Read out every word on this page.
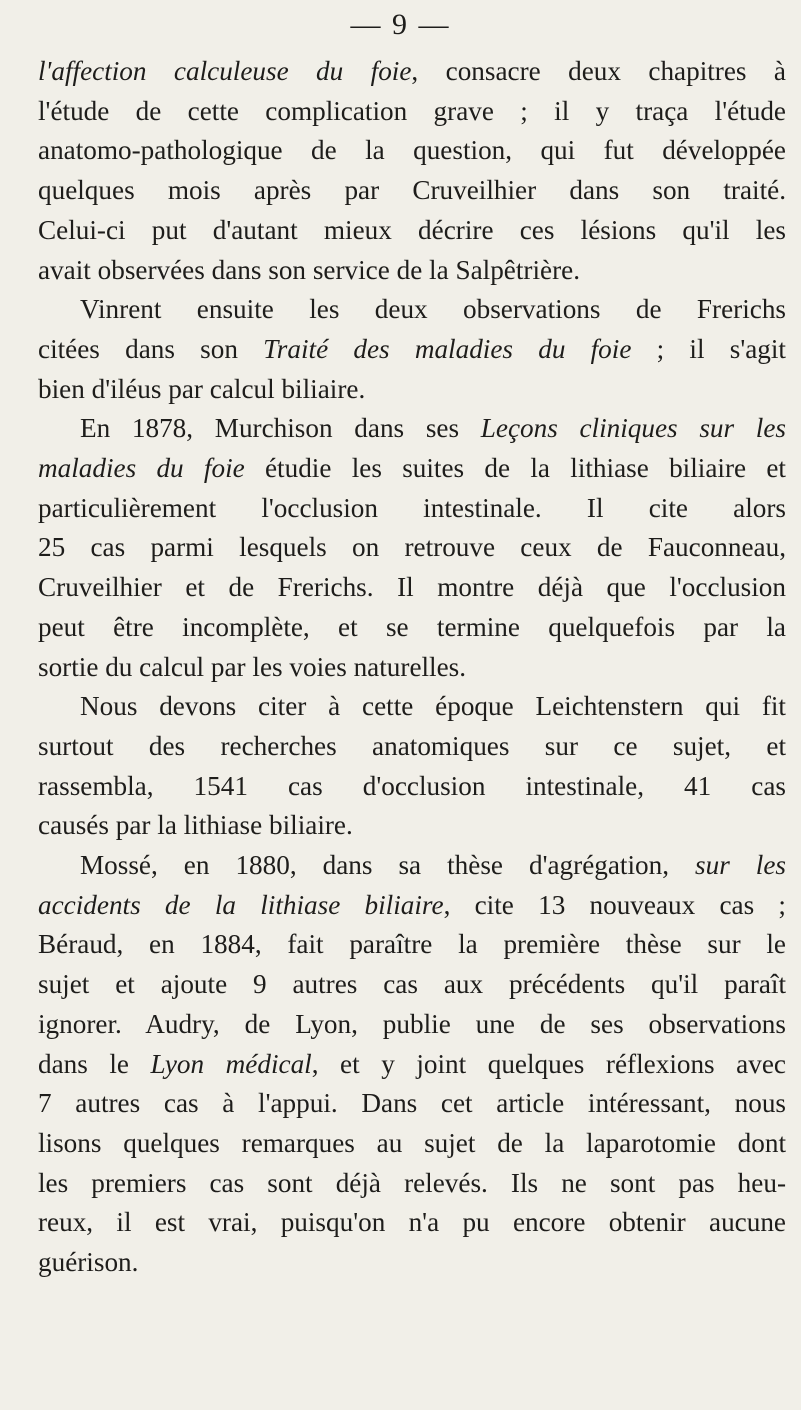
— 9 —
l'affection calculeuse du foie, consacre deux chapitres à
l'étude de cette complication grave ; il y traça l'étude
anatomo-pathologique de la question, qui fut développée
quelques mois après par Cruveilhier dans son traité.
Celui-ci put d'autant mieux décrire ces lésions qu'il les
avait observées dans son service de la Salpêtrière.
Vinrent ensuite les deux observations de Frerichs
citées dans son Traité des maladies du foie ; il s'agit
bien d'iléus par calcul biliaire.
En 1878, Murchison dans ses Leçons cliniques sur les
maladies du foie étudie les suites de la lithiase biliaire et
particulièrement l'occlusion intestinale. Il cite alors
25 cas parmi lesquels on retrouve ceux de Fauconneau,
Cruveilhier et de Frerichs. Il montre déjà que l'occlusion
peut être incomplète, et se termine quelquefois par la
sortie du calcul par les voies naturelles.
Nous devons citer à cette époque Leichtenstern qui fit
surtout des recherches anatomiques sur ce sujet, et
rassembla, 1541 cas d'occlusion intestinale, 41 cas
causés par la lithiase biliaire.
Mossé, en 1880, dans sa thèse d'agrégation, sur les
accidents de la lithiase biliaire, cite 13 nouveaux cas ;
Béraud, en 1884, fait paraître la première thèse sur le
sujet et ajoute 9 autres cas aux précédents qu'il paraît
ignorer. Audry, de Lyon, publie une de ses observations
dans le Lyon médical, et y joint quelques réflexions avec
7 autres cas à l'appui. Dans cet article intéressant, nous
lisons quelques remarques au sujet de la laparotomie dont
les premiers cas sont déjà relevés. Ils ne sont pas heu-
reux, il est vrai, puisqu'on n'a pu encore obtenir aucune
guérison.
